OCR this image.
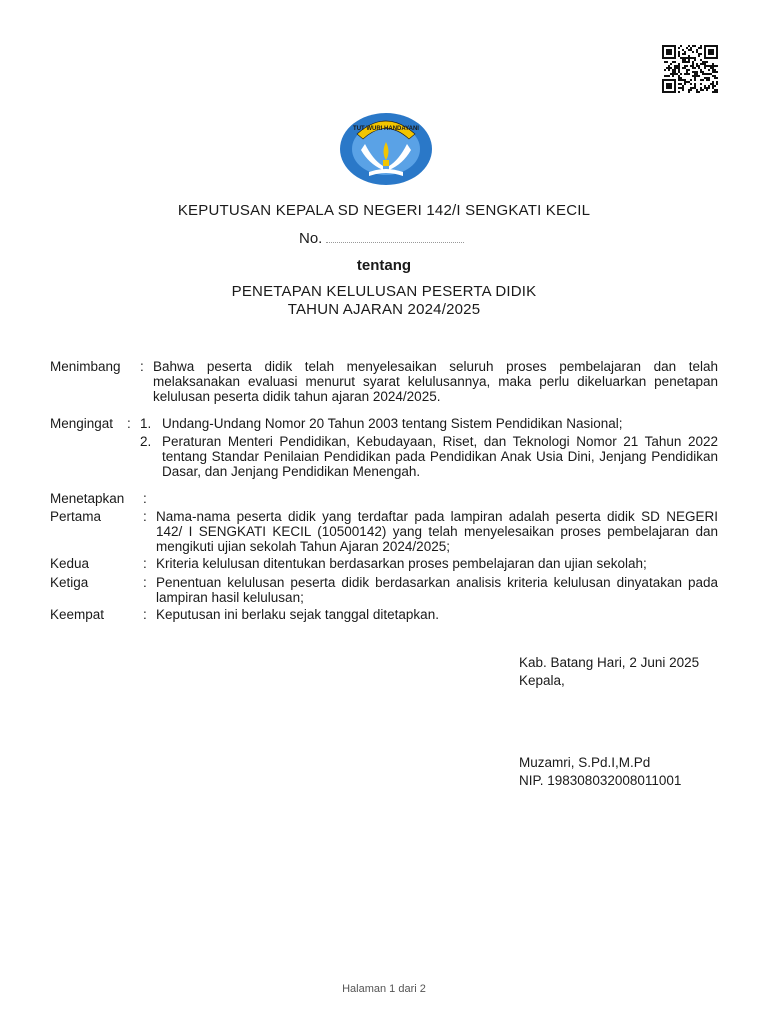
TUT WURI HANDAYANI
KEPUTUSAN KEPALA SD NEGERI 142/I SENGKATI KECIL
No.
tentang
PENETAPAN KELULUSAN PESERTA DIDIK
TAHUN AJARAN 2024/2025
Menimbang : Bahwa peserta didik telah menyelesaikan seluruh proses pembelajaran dan telah melaksanakan evaluasi menurut syarat kelulusannya, maka perlu dikeluarkan penetapan kelulusan peserta didik tahun ajaran 2024/2025.
Mengingat : 1. Undang-Undang Nomor 20 Tahun 2003 tentang Sistem Pendidikan Nasional;
2. Peraturan Menteri Pendidikan, Kebudayaan, Riset, dan Teknologi Nomor 21 Tahun 2022 tentang Standar Penilaian Pendidikan pada Pendidikan Anak Usia Dini, Jenjang Pendidikan Dasar, dan Jenjang Pendidikan Menengah.
Menetapkan :
Pertama	: Nama-nama peserta didik yang terdaftar pada lampiran adalah peserta didik SD NEGERI 142/ I SENGKATI KECIL (10500142) yang telah menyelesaikan proses pembelajaran dan mengikuti ujian sekolah Tahun Ajaran 2024/2025;
Kedua	: Kriteria kelulusan ditentukan berdasarkan proses pembelajaran dan ujian sekolah;
Ketiga	: Penentuan kelulusan peserta didik berdasarkan analisis kriteria kelulusan dinyatakan pada lampiran hasil kelulusan;
Keempat	: Keputusan ini berlaku sejak tanggal ditetapkan.
Kab. Batang Hari, 2 Juni 2025
Kepala,
Muzamri, S.Pd.I,M.Pd
NIP. 198308032008011001
Halaman 1 dari 2
